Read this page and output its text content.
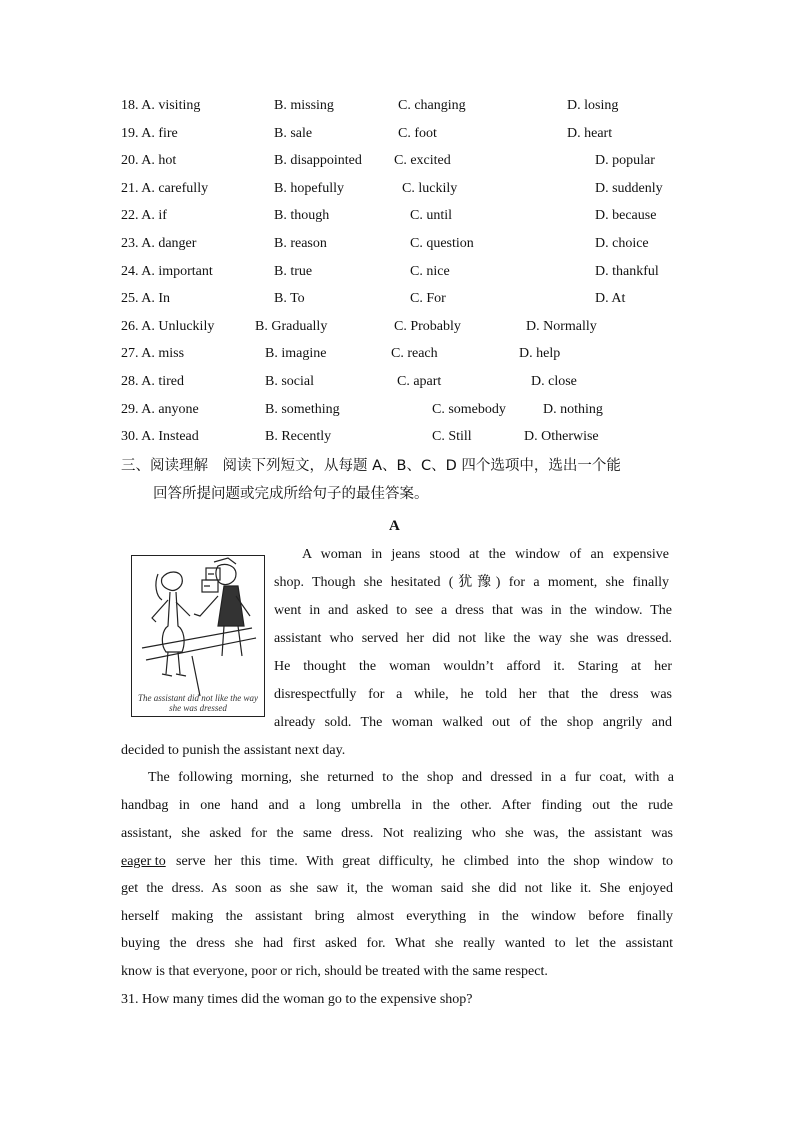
18. A. visiting	B. missing	C. changing	D. losing
19. A. fire	B. sale	C. foot	D. heart
20. A. hot	B. disappointed C. excited	D. popular
21. A. carefully	B. hopefully	C. luckily	D. suddenly
22. A. if	B. though	C. until	D. because
23. A. danger	B. reason	C. question	D. choice
24. A. important	B. true	C. nice	D. thankful
25. A. In	B. To	C. For	D. At
26. A. Unluckily	B. Gradually	C. Probably	D. Normally
27. A. miss	B. imagine	C. reach	D. help
28. A. tired	B. social	C. apart	D. close
29. A. anyone	B. something	C. somebody	D. nothing
30. A. Instead	B. Recently	C. Still	D. Otherwise
三、阅读理解　阅读下列短文，从每题 A、B、C、D 四个选项中，选出一个能
回答所提问题或完成所给句子的最佳答案。
A
The assistant did not like the way she was dressed
A woman in jeans stood at the window of an expensive
shop. Though she hesitated (犹豫) for a moment, she finally
went in and asked to see a dress that was in the window. The
assistant who served her did not like the way she was dressed.
He thought the woman wouldn’t afford it. Staring at her
disrespectfully for a while, he told her that the dress was
already sold. The woman walked out of the shop angrily and
decided to punish the assistant next day.
The following morning, she returned to the shop and dressed in a fur coat, with a
handbag in one hand and a long umbrella in the other. After finding out the rude
assistant, she asked for the same dress. Not realizing who she was, the assistant was
eager to serve her this time. With great difficulty, he climbed into the shop window to
get the dress. As soon as she saw it, the woman said she did not like it. She enjoyed
herself making the assistant bring almost everything in the window before finally
buying the dress she had first asked for. What she really wanted to let the assistant
know is that everyone, poor or rich, should be treated with the same respect.
31. How many times did the woman go to the expensive shop?
